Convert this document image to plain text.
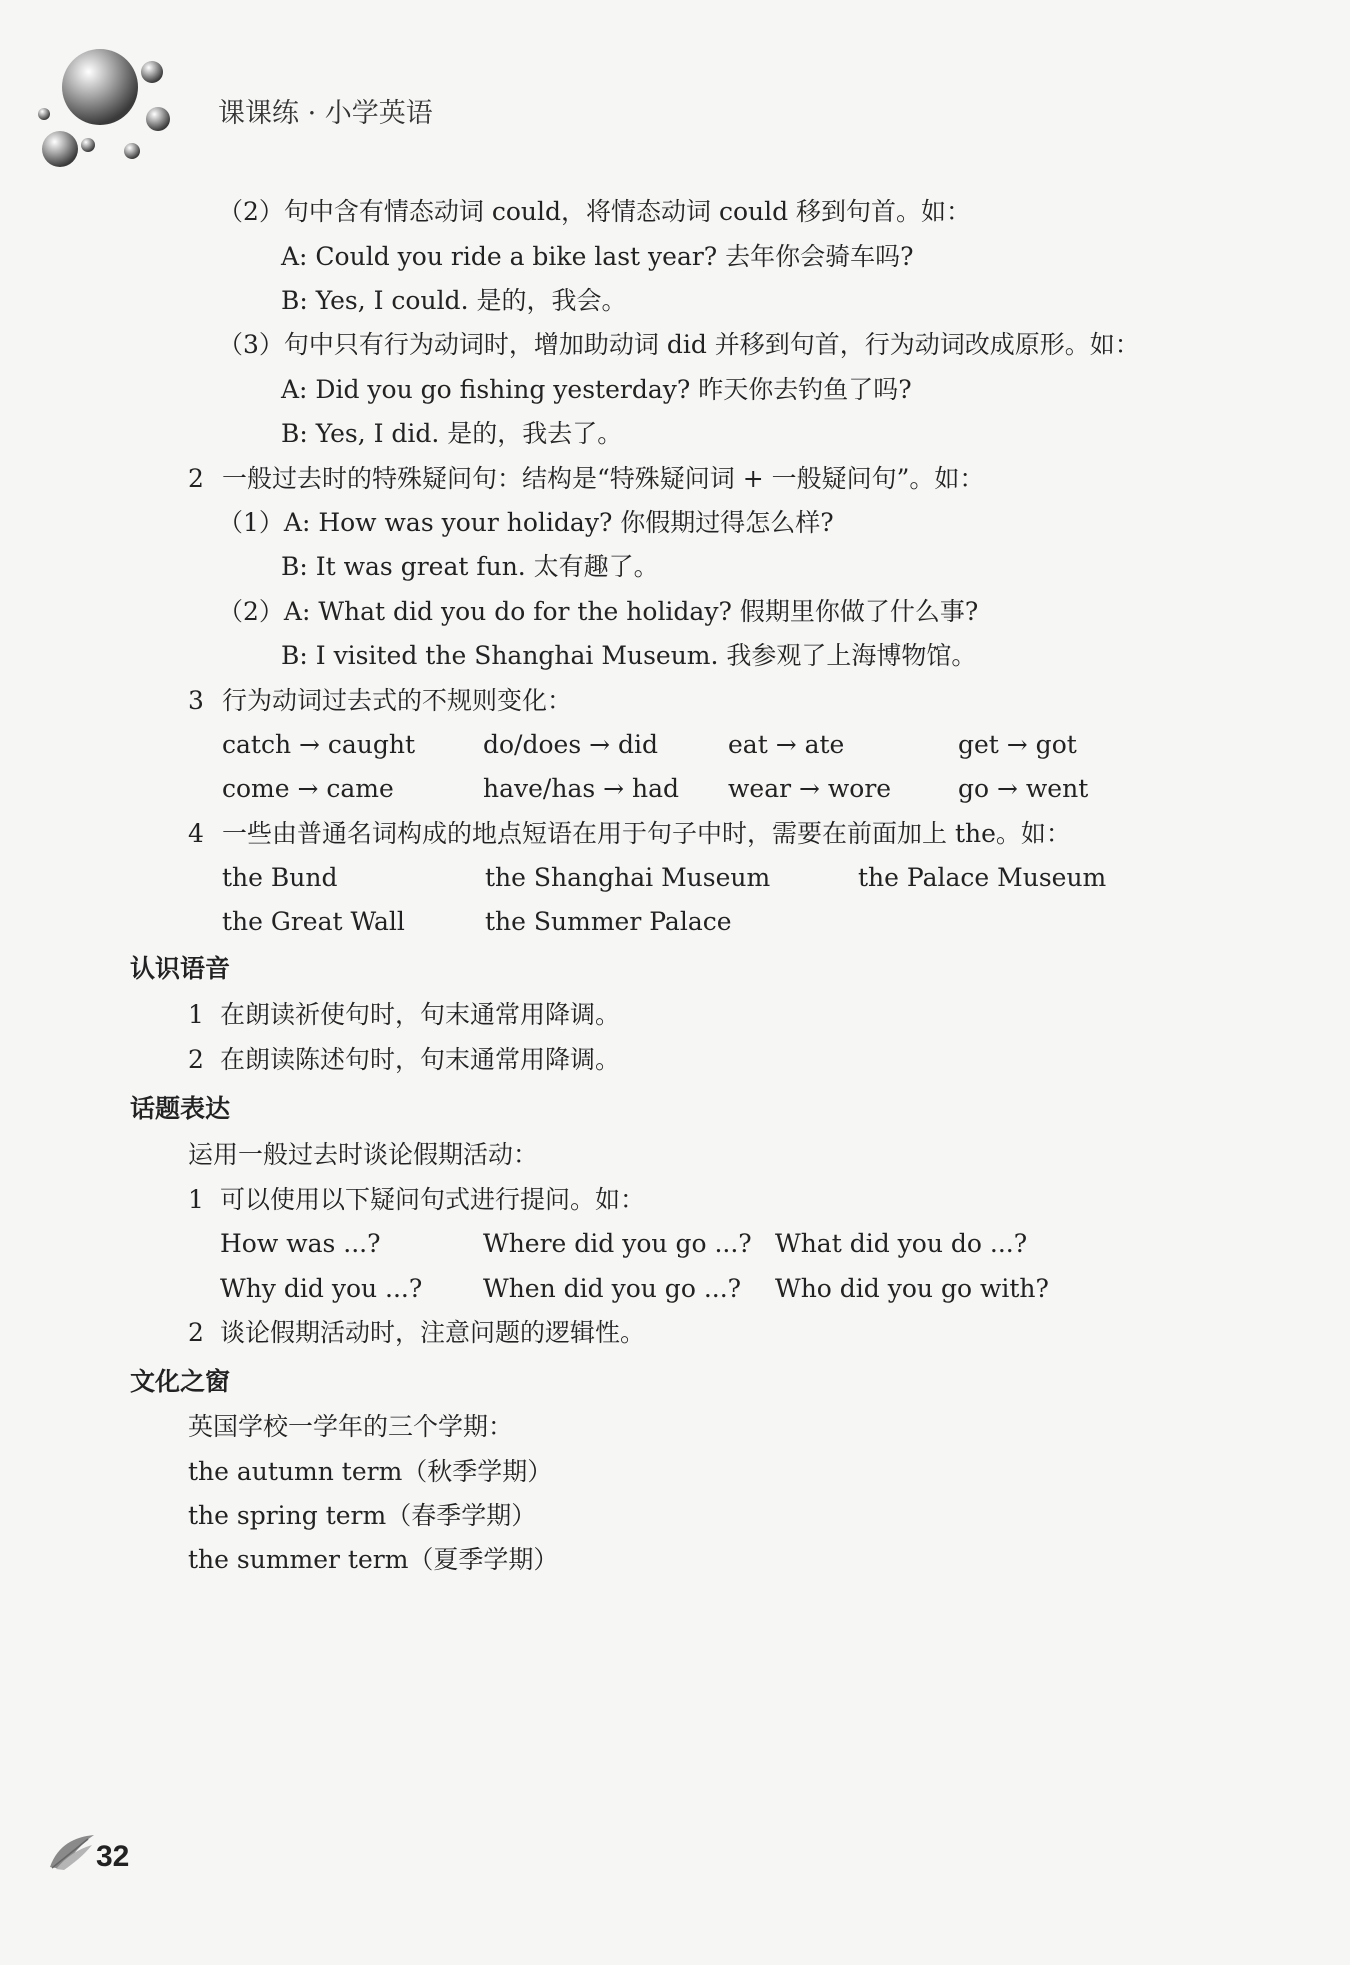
课课练 · 小学英语
（2）句中含有情态动词 could，将情态动词 could 移到句首。如：
A: Could you ride a bike last year? 去年你会骑车吗?
B: Yes, I could. 是的，我会。
（3）句中只有行为动词时，增加助动词 did 并移到句首，行为动词改成原形。如：
A: Did you go fishing yesterday? 昨天你去钓鱼了吗?
B: Yes, I did. 是的，我去了。
2 一般过去时的特殊疑问句：结构是“特殊疑问词 + 一般疑问句”。如：
（1）A: How was your holiday? 你假期过得怎么样?
B: It was great fun. 太有趣了。
（2）A: What did you do for the holiday? 假期里你做了什么事?
B: I visited the Shanghai Museum. 我参观了上海博物馆。
3 行为动词过去式的不规则变化：
catch → caught	do/does → did	eat → ate	get → got
come → came	have/has → had wear → wore	go → went
4 一些由普通名词构成的地点短语在用于句子中时，需要在前面加上 the。如：
the Bund	the Shanghai Museum	the Palace Museum
the Great Wall	the Summer Palace
认识语音
1 在朗读祈使句时，句末通常用降调。
2 在朗读陈述句时，句末通常用降调。
话题表达
运用一般过去时谈论假期活动：
1 可以使用以下疑问句式进行提问。如：
How was ...?	Where did you go ...? What did you do ...?
Why did you ...? When did you go ...? Who did you go with?
2 谈论假期活动时，注意问题的逻辑性。
文化之窗
英国学校一学年的三个学期：
the autumn term（秋季学期）
the spring term（春季学期）
the summer term（夏季学期）
32
